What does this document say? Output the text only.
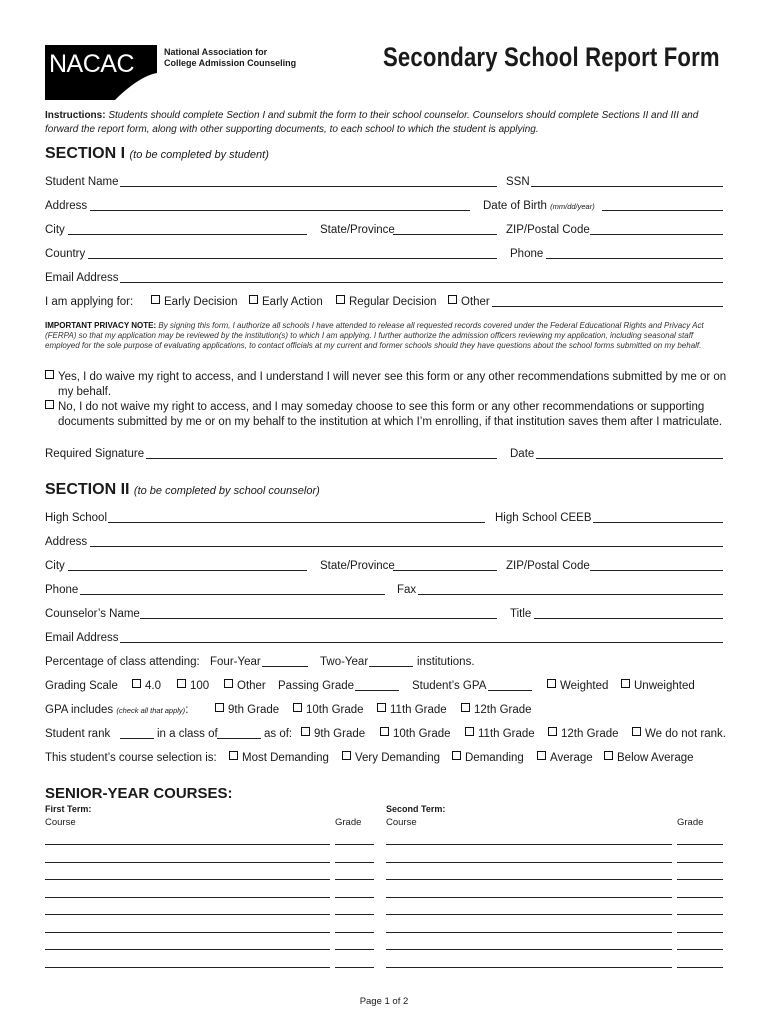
NACAC	National Association for
College Admission Counseling	Secondary School Report Form
Instructions: Students should complete Section I and submit the form to their school counselor. Counselors should complete Sections II and III and forward the report form, along with other supporting documents, to each school to which the student is applying.
SECTION I (to be completed by student)
Student Name	SSN
Address	Date of Birth (mm/dd/year)
City	State/Province	ZIP/Postal Code
Country	Phone
Email Address
I am applying for:	Early Decision	Early Action	Regular Decision	Other
IMPORTANT PRIVACY NOTE: By signing this form, I authorize all schools I have attended to release all requested records covered under the Federal Educational Rights and Privacy Act (FERPA) so that my application may be reviewed by the institution(s) to which I am applying. I further authorize the admission officers reviewing my application, including seasonal staff employed for the sole purpose of evaluating applications, to contact officials at my current and former schools should they have questions about the school forms submitted on my behalf.
Yes, I do waive my right to access, and I understand I will never see this form or any other recommendations submitted by me or on
my behalf.
No, I do not waive my right to access, and I may someday choose to see this form or any other recommendations or supporting
documents submitted by me or on my behalf to the institution at which I’m enrolling, if that institution saves them after I matriculate.
Required Signature	Date
SECTION II (to be completed by school counselor)
High School	High School CEEB
Address
City	State/Province	ZIP/Postal Code
Phone	Fax
Counselor’s Name	Title
Email Address
Percentage of class attending: Four-Year	Two-Year	institutions.
Grading Scale	4.0	100	Other Passing Grade	Student’s GPA	Weighted	Unweighted
GPA includes (check all that apply):	9th Grade	10th Grade	11th Grade	12th Grade
Student rank	in a class of	as of:	9th Grade	10th Grade	11th Grade	12th Grade	We do not rank.
This student’s course selection is:	Most Demanding	Very Demanding	Demanding	Average	Below Average
SENIOR-YEAR COURSES:
First Term:	Second Term:
Course	Grade	Course	Grade
Page 1 of 2
